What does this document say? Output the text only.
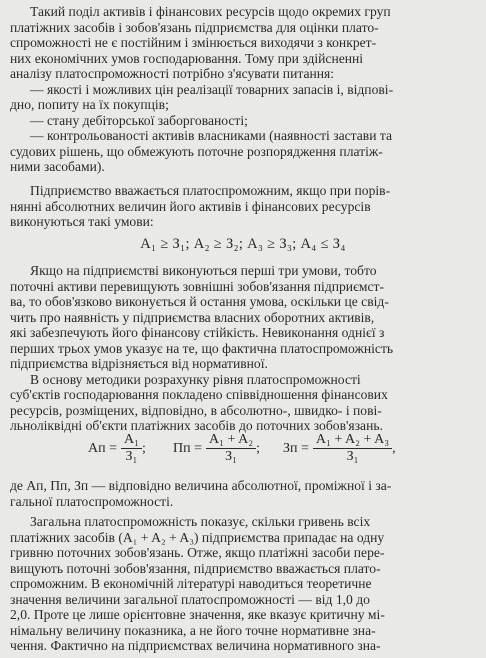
Такий поділ активів і фінансових ресурсів щодо окремих груп
платіжних засобів і зобов'язань підприємства для оцінки плато-
спроможності не є постійним і змінюється виходячи з конкрет-
них економічних умов господарювання. Тому при здійсненні
аналізу платоспроможності потрібно з'ясувати питання:
— якості і можливих цін реалізації товарних запасів і, відпові-
дно, попиту на їх покупців;
— стану дебіторської заборгованості;
— контрольованості активів власниками (наявності застави та
судових рішень, що обмежують поточне розпорядження платіж-
ними засобами).
Підприємство вважається платоспроможним, якщо при порів-
нянні абсолютних величин його активів і фінансових ресурсів
виконуються такі умови:
A₁ ≥ З₁; A₂ ≥ З₂; A₃ ≥ З₃; A₄ ≤ З₄
Якщо на підприємстві виконуються перші три умови, тобто
поточні активи перевищують зовнішні зобов'язання підприємст-
ва, то обов'язково виконується й остання умова, оскільки це свід-
чить про наявність у підприємства власних оборотних активів,
які забезпечують його фінансову стійкість. Невиконання однієї з
перших трьох умов указує на те, що фактична платоспроможність
підприємства відрізняється від нормативної.
В основу методики розрахунку рівня платоспроможності
суб'єктів господарювання покладено співвідношення фінансових
ресурсів, розміщених, відповідно, в абсолютно-, швидко- і пові-
льноліквідні об'єкти платіжних засобів до поточних зобов'язань.
Ап = $\frac{\text{A₁}}{\text{З₁}}$ ; Пп = $\frac{\text{A₁ + A₂}}{\text{З₁}}$ ; Зп = $\frac{\text{A₁ + A₂ + A₃}}{\text{З₁}}$ ,
де Ап, Пп, Зп — відповідно величина абсолютної, проміжної і за-
гальної платоспроможності.
Загальна платоспроможність показує, скільки гривень всіх
платіжних засобів (A₁ + A₂ + A₃) підприємства припадає на одну
гривню поточних зобов'язань. Отже, якщо платіжні засоби пере-
вищують поточні зобов'язання, підприємство вважається плато-
спроможним. В економічній літературі наводиться теоретичне
значення величини загальної платоспроможності — від 1,0 до
2,0. Проте це лише орієнтовне значення, яке вказує критичну мі-
німальну величину показника, а не його точне нормативне зна-
чення. Фактично на підприємствах величина нормативного зна-
